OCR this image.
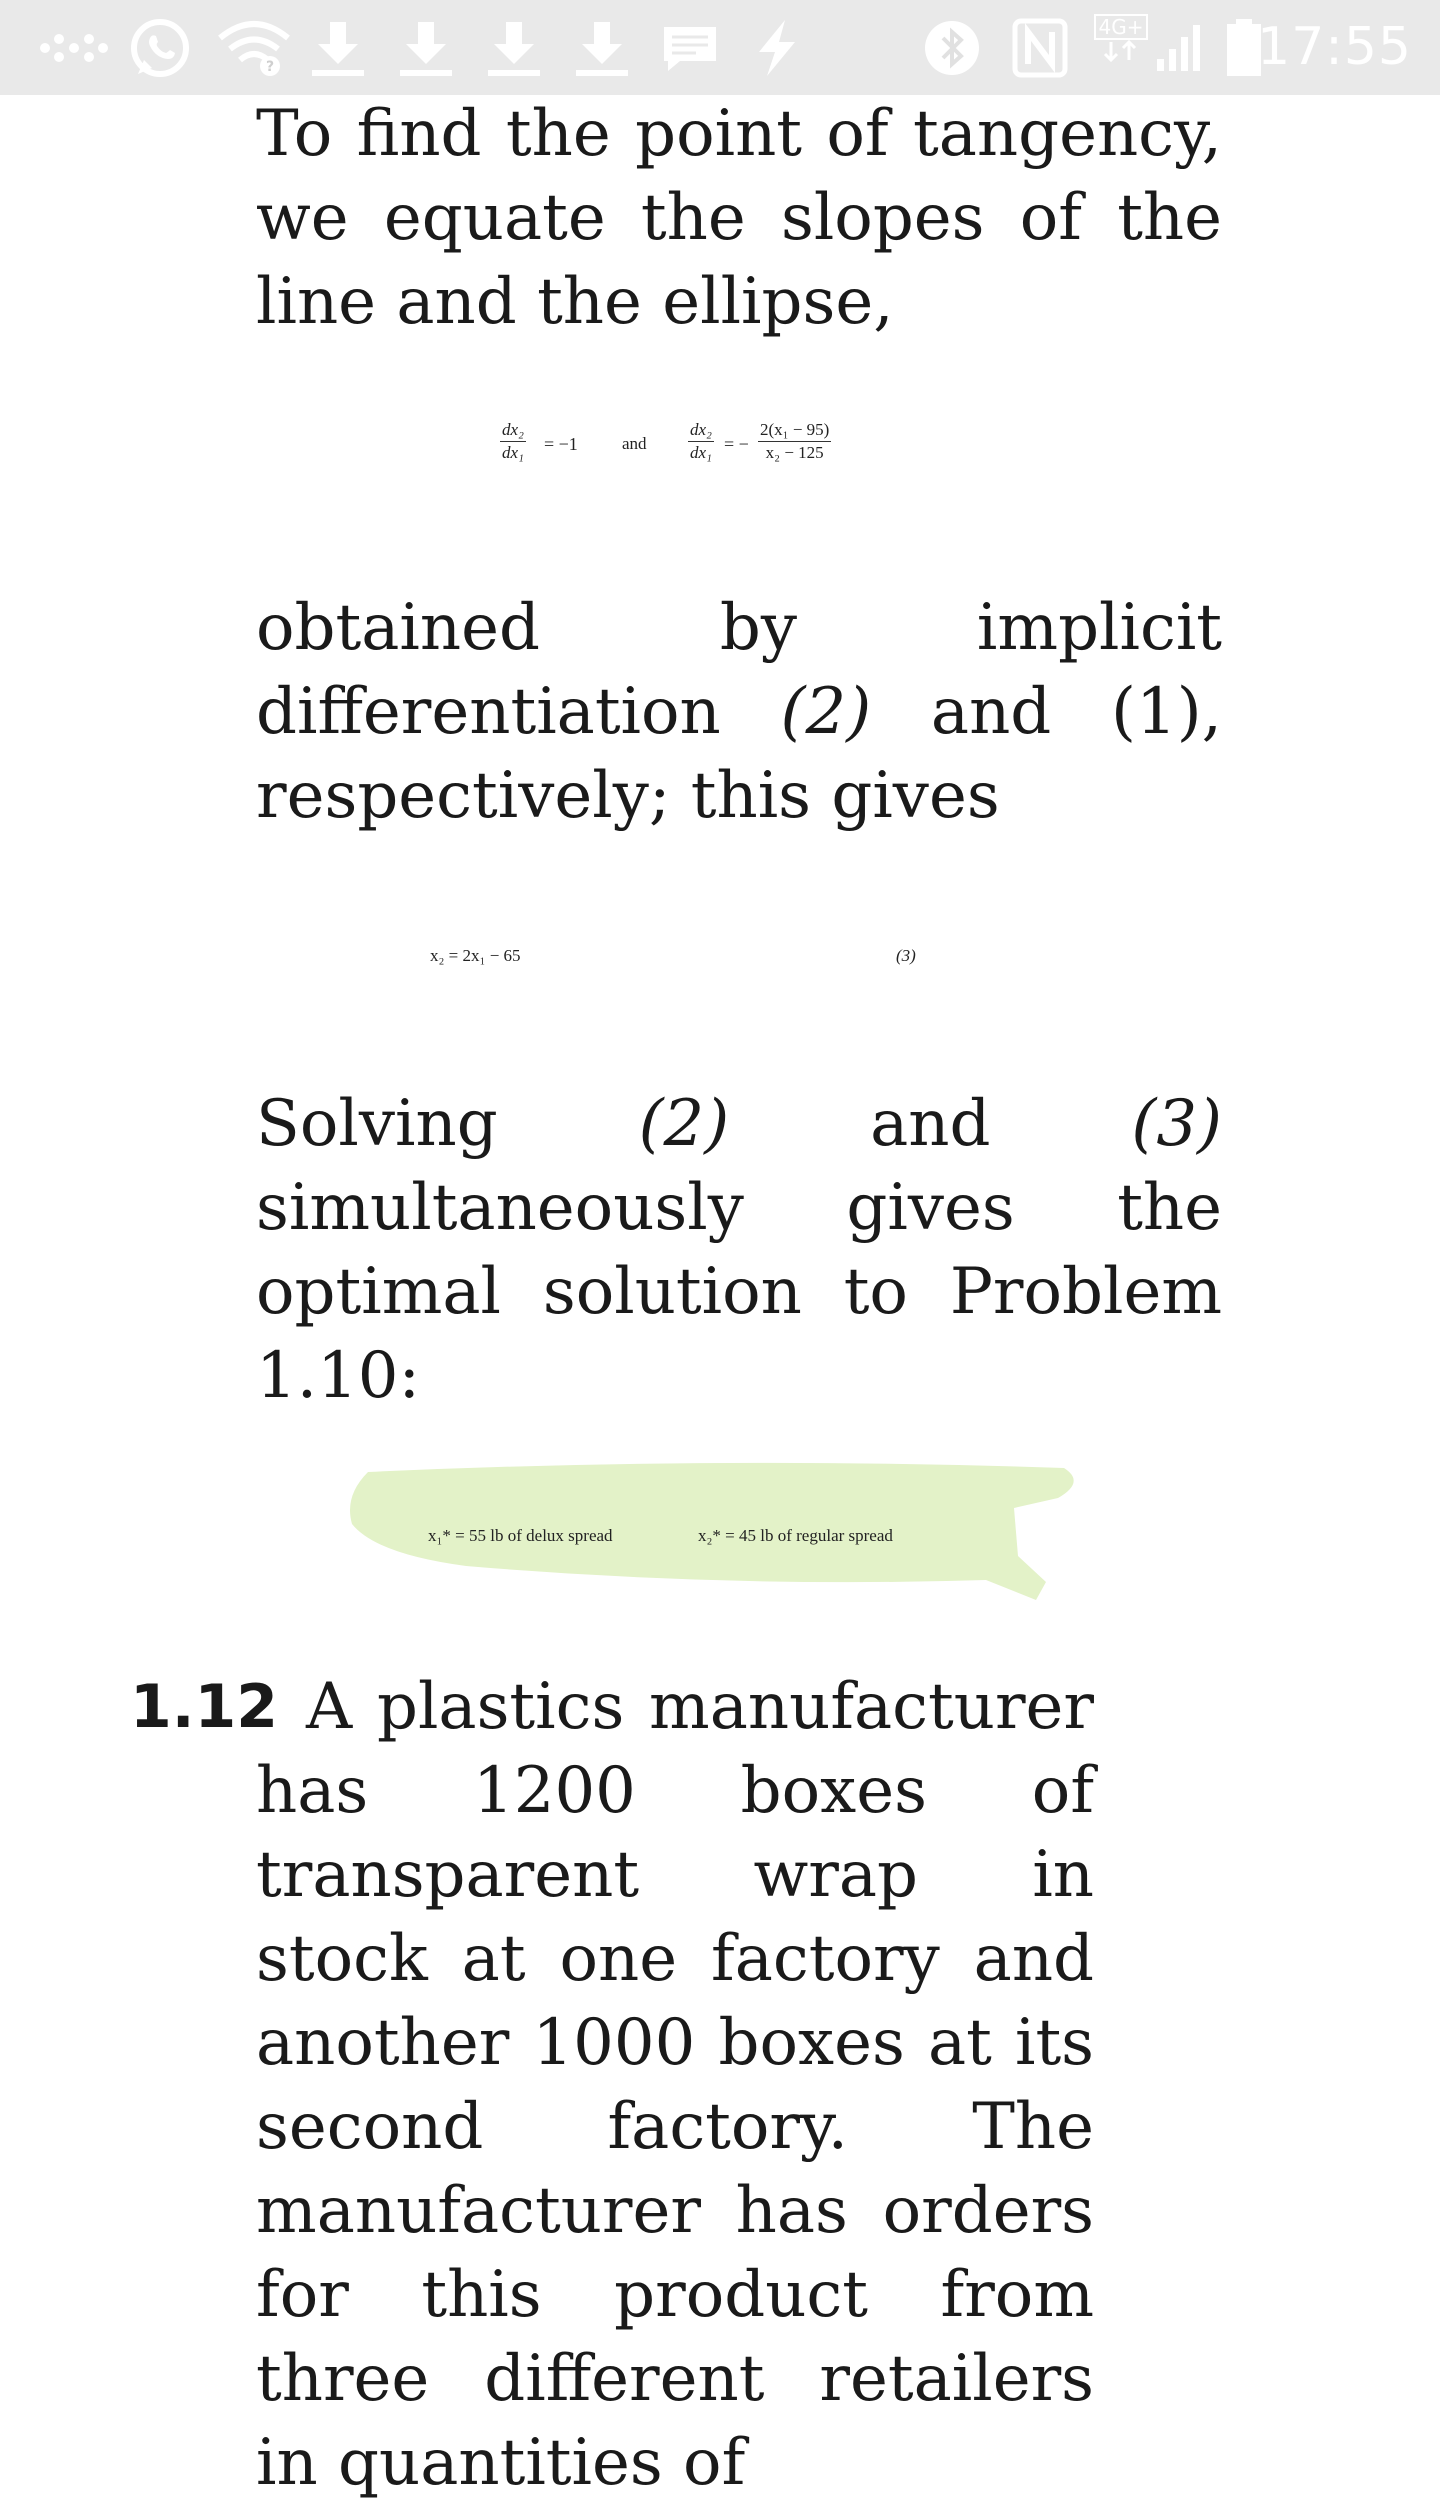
?
4G+ 17:55

To find the point of tangency, we equate the slopes of the line and the ellipse,

$\frac{\text{dx₂}}{\text{dx₁}} = -1$	and $\frac{\text{dx₂}}{\text{dx₁}}$ = − $\frac{\text{2(x₁ − 95)}}{\text{x₂ − 125}}$

obtained by implicit differentiation (2) and (1), respectively; this gives

x₂ = 2x₁ − 65	(3)

Solving (2) and (3) simultaneously gives the optimal solution to Problem 1.10:

x₁* = 55 lb of delux spread	x₂* = 45 lb of regular spread
1.12 A plastics manufacturer has 1200 boxes of transparent wrap in stock at one factory and another 1000 boxes at its second factory. The manufacturer has orders for this product from three different retailers in quantities of
